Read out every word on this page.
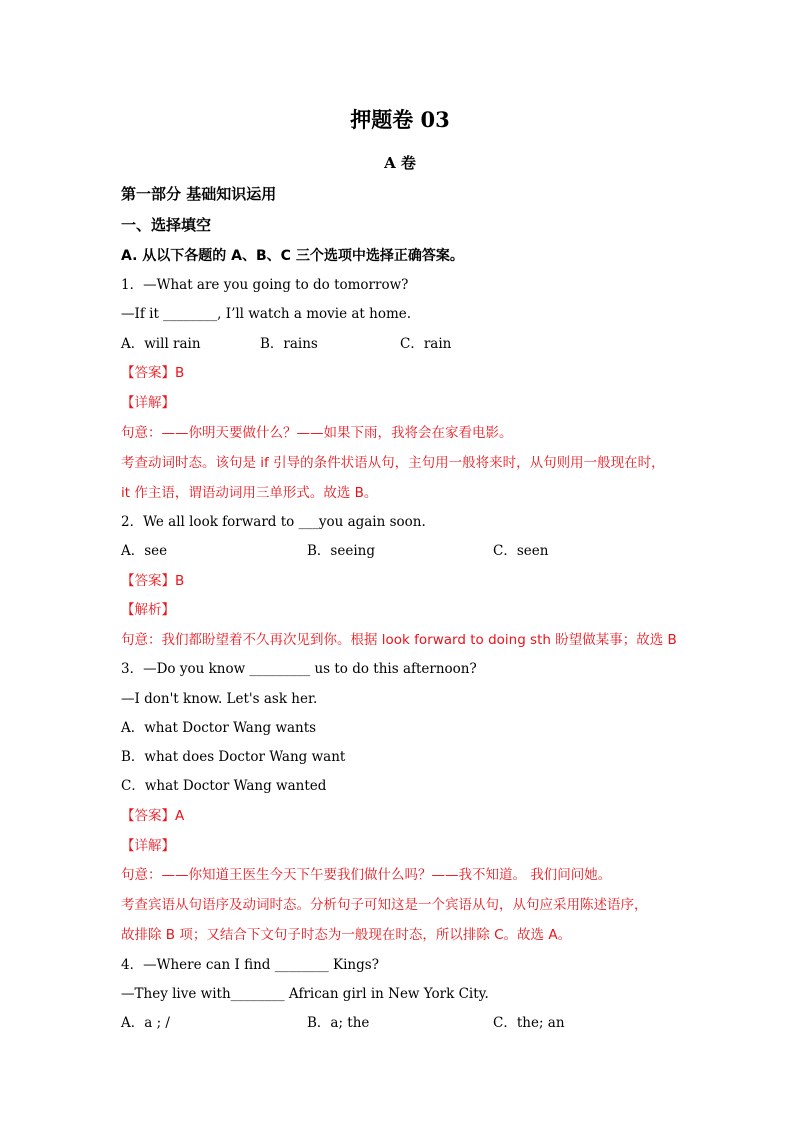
押题卷 03
A 卷
第一部分 基础知识运用
一、选择填空
A. 从以下各题的 A、B、C 三个选项中选择正确答案。
1．—What are you going to do tomorrow?
—If it ________, I’ll watch a movie at home.
A．will rain	B．rains	C．rain
【答案】B
【详解】
句意：——你明天要做什么？——如果下雨，我将会在家看电影。
考查动词时态。该句是 if 引导的条件状语从句，主句用一般将来时，从句则用一般现在时，
it 作主语，谓语动词用三单形式。故选 B。
2．We all look forward to ___you again soon.
A．see	B．seeing	C．seen
【答案】B
【解析】
句意：我们都盼望着不久再次见到你。根据 look forward to doing sth 盼望做某事；故选 B
3．—Do you know _________ us to do this afternoon?
—I don't know. Let's ask her.
A．what Doctor Wang wants
B．what does Doctor Wang want
C．what Doctor Wang wanted
【答案】A
【详解】
句意：——你知道王医生今天下午要我们做什么吗？——我不知道。 我们问问她。
考查宾语从句语序及动词时态。分析句子可知这是一个宾语从句，从句应采用陈述语序，
故排除 B 项；又结合下文句子时态为一般现在时态，所以排除 C。故选 A。
4．—Where can I find ________ Kings?
—They live with________ African girl in New York City.
A．a ; /	B．a; the	C．the; an
